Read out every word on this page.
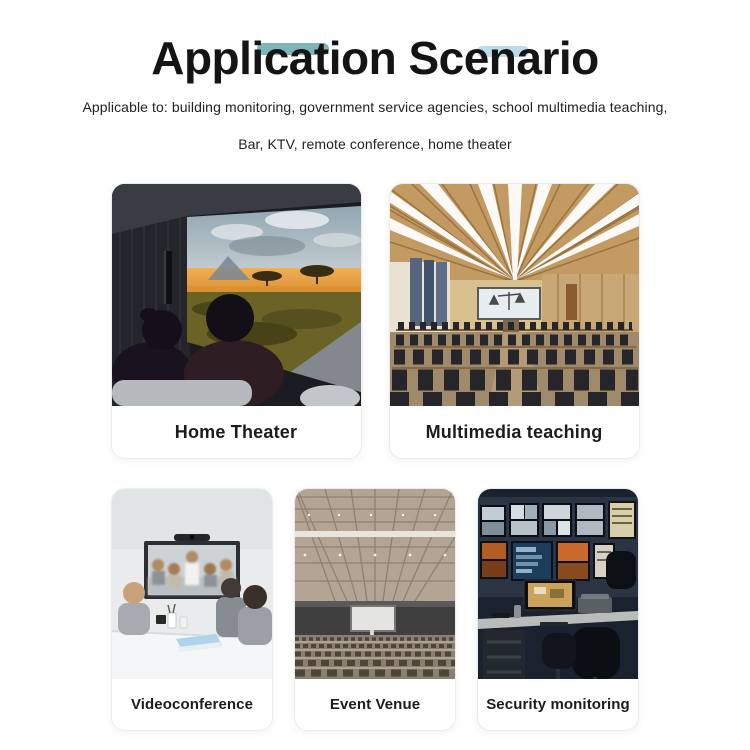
Application Scenario
Applicable to: building monitoring, government service agencies, school multimedia teaching,
Bar, KTV, remote conference, home theater
Home Theater	Multimedia teaching
Videoconference	Event Venue	Security monitoring
